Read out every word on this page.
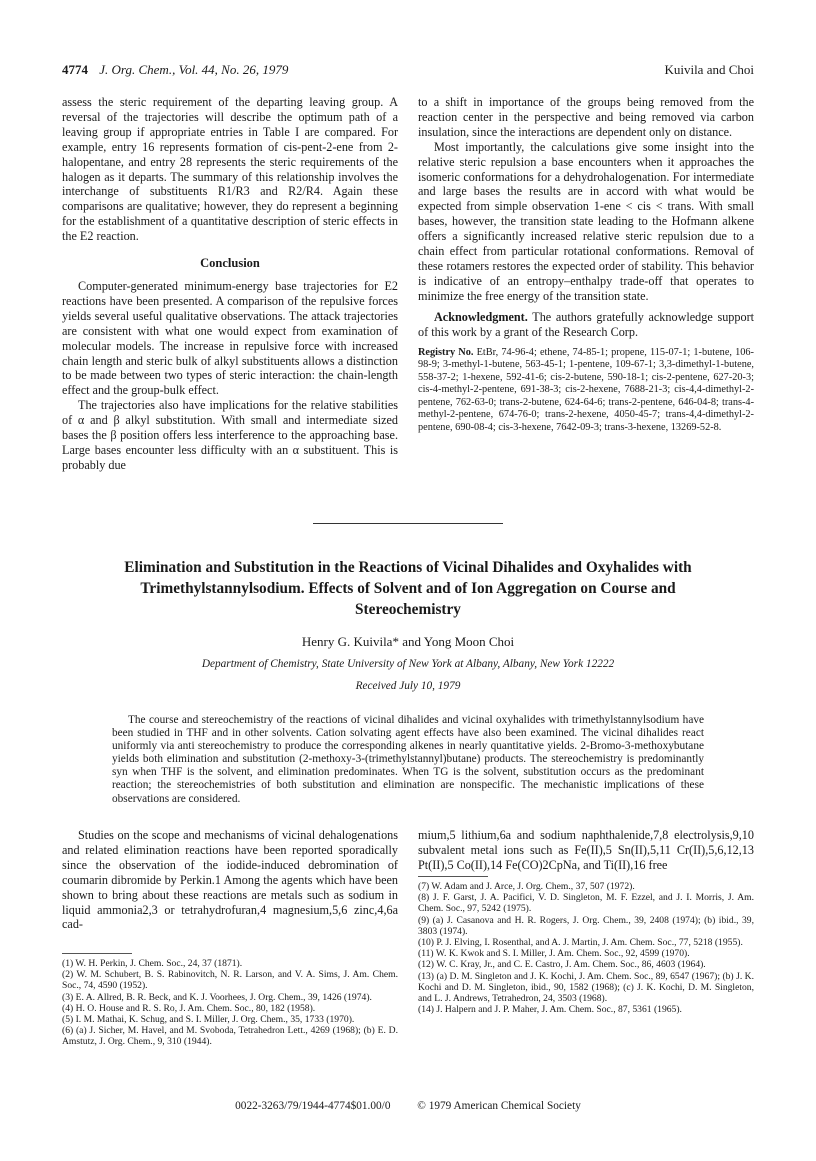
4774 J. Org. Chem., Vol. 44, No. 26, 1979	Kuivila and Choi

assess the steric requirement of the departing leaving group. A reversal of the trajectories will describe the optimum path of a leaving group if appropriate entries in Table I are compared. For example, entry 16 represents formation of cis-pent-2-ene from 2-halopentane, and entry 28 represents the steric requirements of the halogen as it departs. The summary of this relationship involves the interchange of substituents R1/R3 and R2/R4. Again these comparisons are qualitative; however, they do represent a beginning for the establishment of a quantitative description of steric effects in the E2 reaction.

Conclusion

Computer-generated minimum-energy base trajectories for E2 reactions have been presented. A comparison of the repulsive forces yields several useful qualitative observations. The attack trajectories are consistent with what one would expect from examination of molecular models. The increase in repulsive force with increased chain length and steric bulk of alkyl substituents allows a distinction to be made between two types of steric interaction: the chain-length effect and the group-bulk effect.

The trajectories also have implications for the relative stabilities of α and β alkyl substitution. With small and intermediate sized bases the β position offers less interference to the approaching base. Large bases encounter less difficulty with an α substituent. This is probably due

to a shift in importance of the groups being removed from the reaction center in the perspective and being removed via carbon insulation, since the interactions are dependent only on distance.

Most importantly, the calculations give some insight into the relative steric repulsion a base encounters when it approaches the isomeric conformations for a dehydrohalogenation. For intermediate and large bases the results are in accord with what would be expected from simple observation 1-ene < cis < trans. With small bases, however, the transition state leading to the Hofmann alkene offers a significantly increased relative steric repulsion due to a chain effect from particular rotational conformations. Removal of these rotamers restores the expected order of stability. This behavior is indicative of an entropy–enthalpy trade-off that operates to minimize the free energy of the transition state.

Acknowledgment. The authors gratefully acknowledge support of this work by a grant of the Research Corp.

Registry No. EtBr, 74-96-4; ethene, 74-85-1; propene, 115-07-1; 1-butene, 106-98-9; 3-methyl-1-butene, 563-45-1; 1-pentene, 109-67-1; 3,3-dimethyl-1-butene, 558-37-2; 1-hexene, 592-41-6; cis-2-butene, 590-18-1; cis-2-pentene, 627-20-3; cis-4-methyl-2-pentene, 691-38-3; cis-2-hexene, 7688-21-3; cis-4,4-dimethyl-2-pentene, 762-63-0; trans-2-butene, 624-64-6; trans-2-pentene, 646-04-8; trans-4-methyl-2-pentene, 674-76-0; trans-2-hexene, 4050-45-7; trans-4,4-dimethyl-2-pentene, 690-08-4; cis-3-hexene, 7642-09-3; trans-3-hexene, 13269-52-8.

Elimination and Substitution in the Reactions of Vicinal Dihalides and Oxyhalides with Trimethylstannylsodium. Effects of Solvent and of Ion Aggregation on Course and Stereochemistry
Henry G. Kuivila* and Yong Moon Choi
Department of Chemistry, State University of New York at Albany, Albany, New York 12222
Received July 10, 1979
The course and stereochemistry of the reactions of vicinal dihalides and vicinal oxyhalides with trimethylstannylsodium have been studied in THF and in other solvents. Cation solvating agent effects have also been examined. The vicinal dihalides react uniformly via anti stereochemistry to produce the corresponding alkenes in nearly quantitative yields. 2-Bromo-3-methoxybutane yields both elimination and substitution (2-methoxy-3-(trimethylstannyl)butane) products. The stereochemistry is predominantly syn when THF is the solvent, and elimination predominates. When TG is the solvent, substitution occurs as the predominant reaction; the stereochemistries of both substitution and elimination are nonspecific. The mechanistic implications of these observations are considered.

Studies on the scope and mechanisms of vicinal dehalogenations and related elimination reactions have been reported sporadically since the observation of the iodide-induced debromination of coumarin dibromide by Perkin.1 Among the agents which have been shown to bring about these reactions are metals such as sodium in liquid ammonia2,3 or tetrahydrofuran,4 magnesium,5,6 zinc,4,6a cad-

mium,5 lithium,6a and sodium naphthalenide,7,8 electrolysis,9,10 subvalent metal ions such as Fe(II),5 Sn(II),5,11 Cr(II),5,6,12,13 Pt(II),5 Co(II),14 Fe(CO)2CpNa, and Ti(II),16 free

(1) W. H. Perkin, J. Chem. Soc., 24, 37 (1871).
(2) W. M. Schubert, B. S. Rabinovitch, N. R. Larson, and V. A. Sims, J. Am. Chem. Soc., 74, 4590 (1952).
(3) E. A. Allred, B. R. Beck, and K. J. Voorhees, J. Org. Chem., 39, 1426 (1974).
(4) H. O. House and R. S. Ro, J. Am. Chem. Soc., 80, 182 (1958).
(5) I. M. Mathai, K. Schug, and S. I. Miller, J. Org. Chem., 35, 1733 (1970).
(6) (a) J. Sicher, M. Havel, and M. Svoboda, Tetrahedron Lett., 4269 (1968); (b) E. D. Amstutz, J. Org. Chem., 9, 310 (1944).
(7) W. Adam and J. Arce, J. Org. Chem., 37, 507 (1972).
(8) J. F. Garst, J. A. Pacifici, V. D. Singleton, M. F. Ezzel, and J. I. Morris, J. Am. Chem. Soc., 97, 5242 (1975).
(9) (a) J. Casanova and H. R. Rogers, J. Org. Chem., 39, 2408 (1974); (b) ibid., 39, 3803 (1974).
(10) P. J. Elving, I. Rosenthal, and A. J. Martin, J. Am. Chem. Soc., 77, 5218 (1955).
(11) W. K. Kwok and S. I. Miller, J. Am. Chem. Soc., 92, 4599 (1970).
(12) W. C. Kray, Jr., and C. E. Castro, J. Am. Chem. Soc., 86, 4603 (1964).
(13) (a) D. M. Singleton and J. K. Kochi, J. Am. Chem. Soc., 89, 6547 (1967); (b) J. K. Kochi and D. M. Singleton, ibid., 90, 1582 (1968); (c) J. K. Kochi, D. M. Singleton, and L. J. Andrews, Tetrahedron, 24, 3503 (1968).
(14) J. Halpern and J. P. Maher, J. Am. Chem. Soc., 87, 5361 (1965).
0022-3263/79/1944-4774$01.00/0 © 1979 American Chemical Society
